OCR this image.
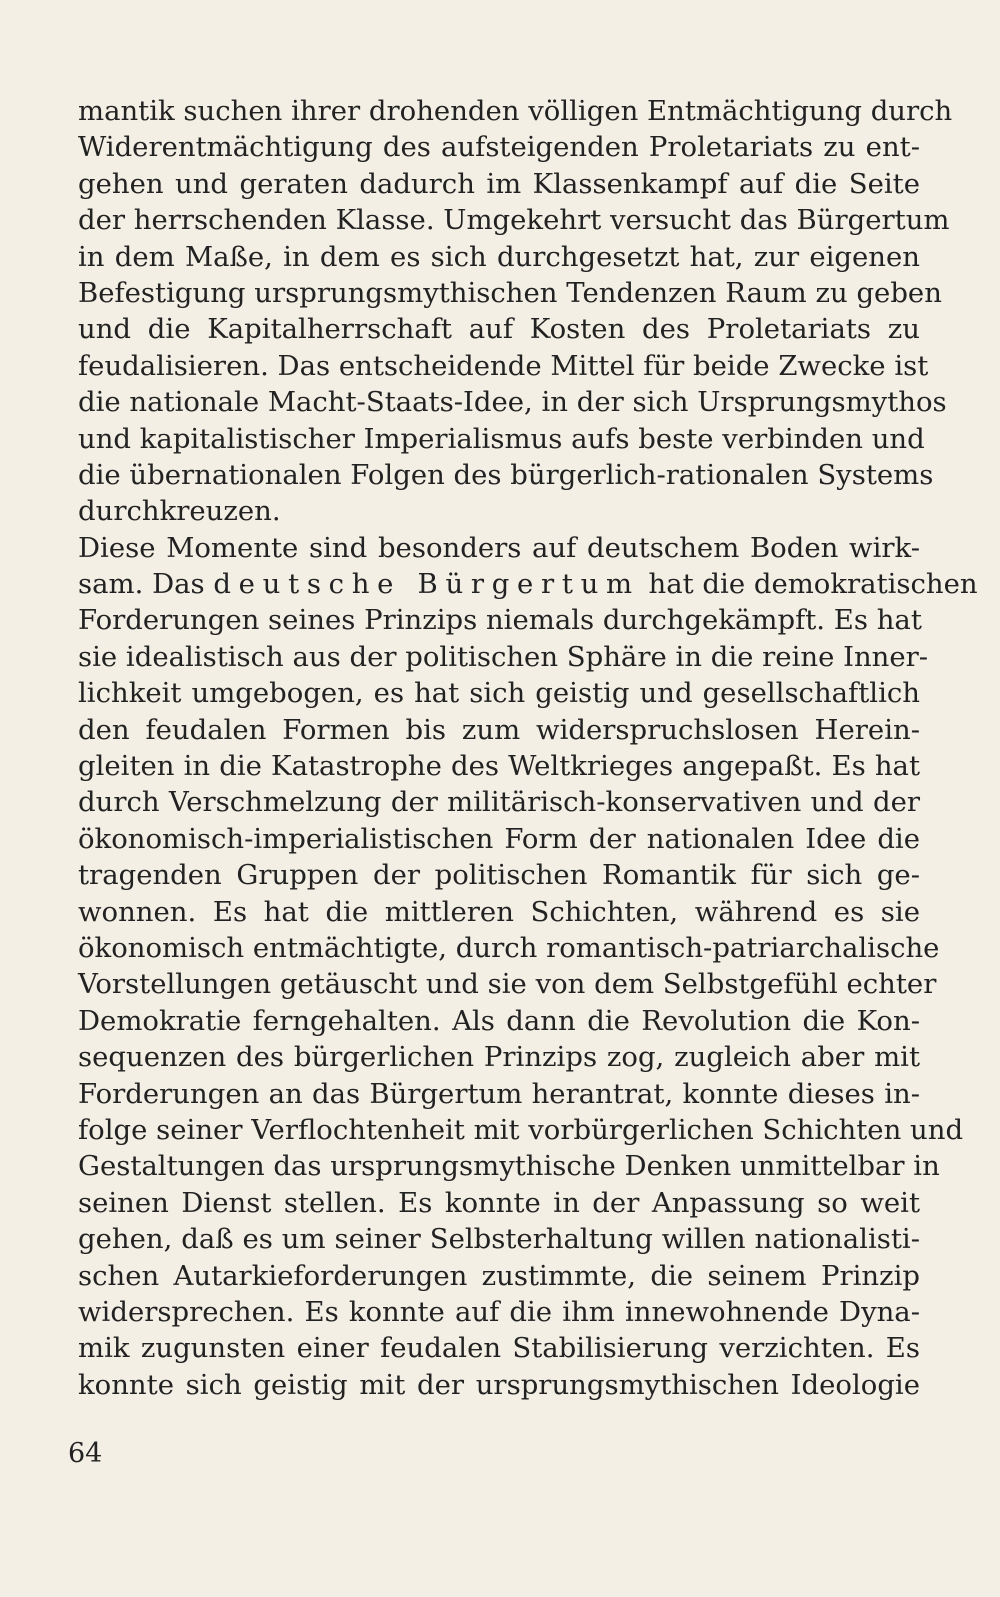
mantik suchen ihrer drohenden völligen Entmächtigung durch
Widerentmächtigung des aufsteigenden Proletariats zu ent-
gehen und geraten dadurch im Klassenkampf auf die Seite
der herrschenden Klasse. Umgekehrt versucht das Bürgertum
in dem Maße, in dem es sich durchgesetzt hat, zur eigenen
Befestigung ursprungsmythischen Tendenzen Raum zu geben
und die Kapitalherrschaft auf Kosten des Proletariats zu
feudalisieren. Das entscheidende Mittel für beide Zwecke ist
die nationale Macht-Staats-Idee, in der sich Ursprungsmythos
und kapitalistischer Imperialismus aufs beste verbinden und
die übernationalen Folgen des bürgerlich-rationalen Systems
durchkreuzen.
Diese Momente sind besonders auf deutschem Boden wirk-
sam. Das deutsche Bürgertum hat die demokratischen
Forderungen seines Prinzips niemals durchgekämpft. Es hat
sie idealistisch aus der politischen Sphäre in die reine Inner-
lichkeit umgebogen, es hat sich geistig und gesellschaftlich
den feudalen Formen bis zum widerspruchslosen Herein-
gleiten in die Katastrophe des Weltkrieges angepaßt. Es hat
durch Verschmelzung der militärisch-konservativen und der
ökonomisch-imperialistischen Form der nationalen Idee die
tragenden Gruppen der politischen Romantik für sich ge-
wonnen. Es hat die mittleren Schichten, während es sie
ökonomisch entmächtigte, durch romantisch-patriarchalische
Vorstellungen getäuscht und sie von dem Selbstgefühl echter
Demokratie ferngehalten. Als dann die Revolution die Kon-
sequenzen des bürgerlichen Prinzips zog, zugleich aber mit
Forderungen an das Bürgertum herantrat, konnte dieses in-
folge seiner Verflochtenheit mit vorbürgerlichen Schichten und
Gestaltungen das ursprungsmythische Denken unmittelbar in
seinen Dienst stellen. Es konnte in der Anpassung so weit
gehen, daß es um seiner Selbsterhaltung willen nationalisti-
schen Autarkieforderungen zustimmte, die seinem Prinzip
widersprechen. Es konnte auf die ihm innewohnende Dyna-
mik zugunsten einer feudalen Stabilisierung verzichten. Es
konnte sich geistig mit der ursprungsmythischen Ideologie
64
